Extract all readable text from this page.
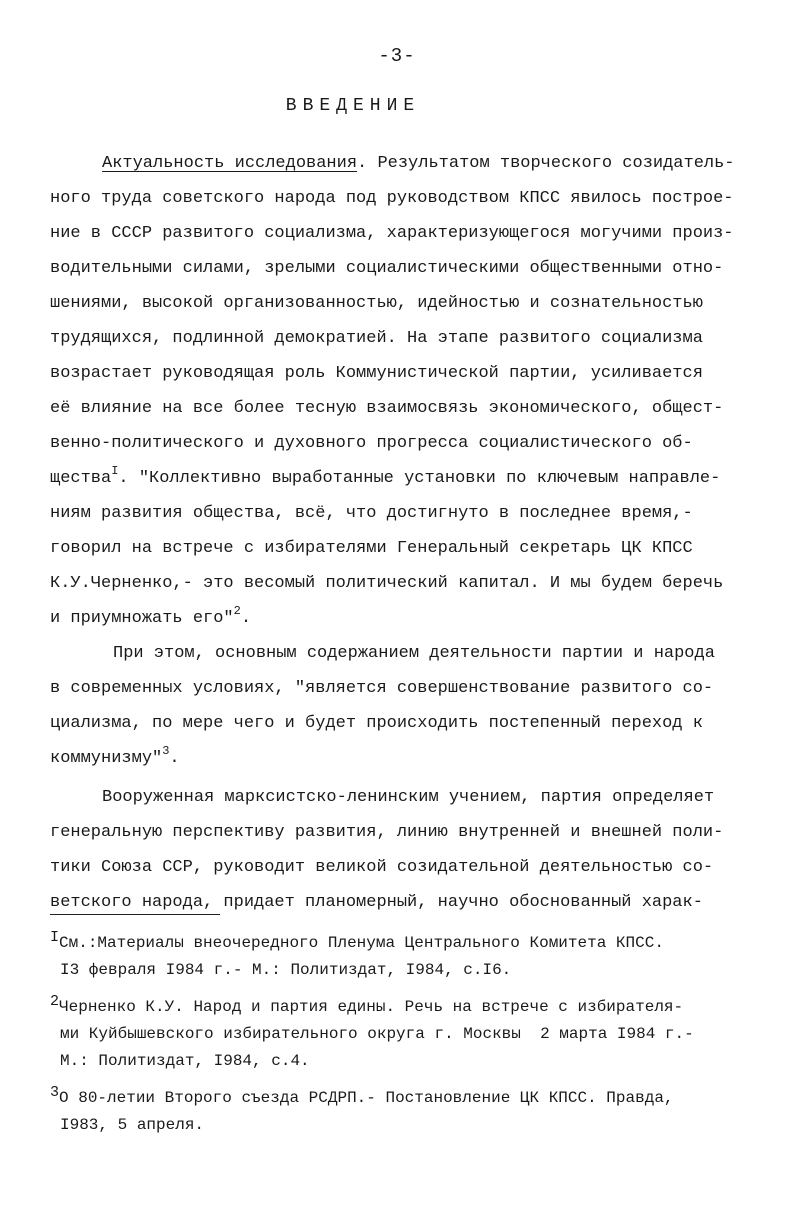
-3-
ВВЕДЕНИЕ
Актуальность исследования. Результатом творческого созидатель-
ного труда советского народа под руководством КПСС явилось построе-
ние в СССР развитого социализма, характеризующегося могучими произ-
водительными силами, зрелыми социалистическими общественными отно-
шениями, высокой организованностью, идейностью и сознательностью
трудящихся, подлинной демократией. На этапе развитого социализма
возрастает руководящая роль Коммунистической партии, усиливается
её влияние на все более тесную взаимосвязь экономического, общест-
венно-политического и духовного прогресса социалистического об-
щества$^I$. "Коллективно выработанные установки по ключевым направле-
ниям развития общества, всё, что достигнуто в последнее время,-
говорил на встрече с избирателями Генеральный секретарь ЦК КПСС
К.У.Черненко,- это весомый политический капитал. И мы будем беречь
и приумножать его"$^2$.
При этом, основным содержанием деятельности партии и народа
в современных условиях, "является совершенствование развитого со-
циализма, по мере чего и будет происходить постепенный переход к
коммунизму"$^3$.
Вооруженная марксистско-ленинским учением, партия определяет
генеральную перспективу развития, линию внутренней и внешней поли-
тики Союза ССР, руководит великой созидательной деятельностью со-
ветского народа, придает планомерный, научно обоснованный харак-
IСм.:Материалы внеочередного Пленума Центрального Комитета КПСС.
I3 февраля I984 г.- М.: Политиздат, I984, с.I6.
2Черненко К.У. Народ и партия едины. Речь на встрече с избирателя-
ми Куйбышевского избирательного округа г. Москвы  2 марта I984 г.-
М.: Политиздат, I984, с.4.
3О 80-летии Второго съезда РСДРП.- Постановление ЦК КПСС. Правда,
I983, 5 апреля.
